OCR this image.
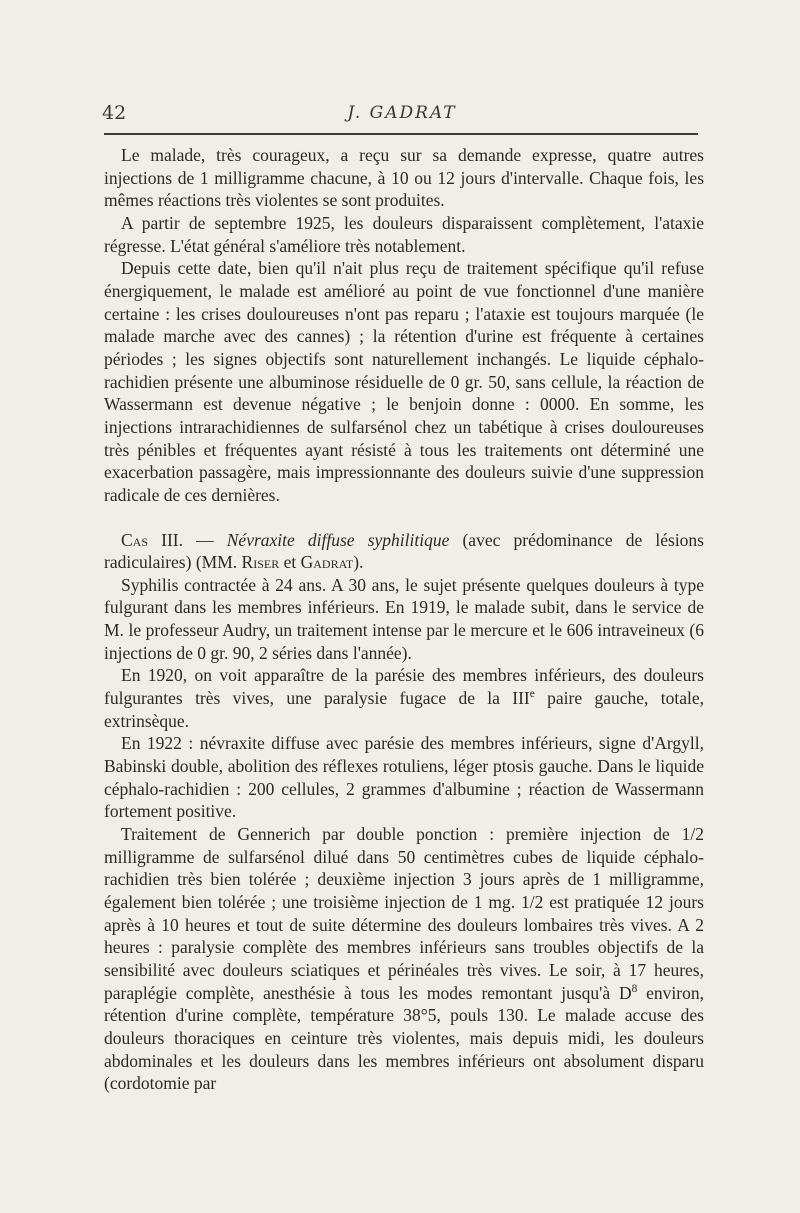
42	J. GADRAT

Le malade, très courageux, a reçu sur sa demande expresse, quatre autres injections de 1 milligramme chacune, à 10 ou 12 jours d'intervalle. Chaque fois, les mêmes réactions très violentes se sont produites.

A partir de septembre 1925, les douleurs disparaissent complètement, l'ataxie régresse. L'état général s'améliore très notablement.

Depuis cette date, bien qu'il n'ait plus reçu de traitement spécifique qu'il refuse énergiquement, le malade est amélioré au point de vue fonctionnel d'une manière certaine : les crises douloureuses n'ont pas reparu ; l'ataxie est toujours marquée (le malade marche avec des cannes) ; la rétention d'urine est fréquente à certaines périodes ; les signes objectifs sont naturellement inchangés. Le liquide céphalo-rachidien présente une albuminose résiduelle de 0 gr. 50, sans cellule, la réaction de Wassermann est devenue négative ; le benjoin donne : 0000. En somme, les injections intrarachidiennes de sulfarsénol chez un tabétique à crises douloureuses très pénibles et fréquentes ayant résisté à tous les traitements ont déterminé une exacerbation passagère, mais impressionnante des douleurs suivie d'une suppression radicale de ces dernières.

Cas III. — Névraxite diffuse syphilitique (avec prédominance de lésions radiculaires) (MM. Riser et Gadrat).

Syphilis contractée à 24 ans. A 30 ans, le sujet présente quelques douleurs à type fulgurant dans les membres inférieurs. En 1919, le malade subit, dans le service de M. le professeur Audry, un traitement intense par le mercure et le 606 intraveineux (6 injections de 0 gr. 90, 2 séries dans l'année).

En 1920, on voit apparaître de la parésie des membres inférieurs, des douleurs fulgurantes très vives, une paralysie fugace de la IIIe paire gauche, totale, extrinsèque.

En 1922 : névraxite diffuse avec parésie des membres inférieurs, signe d'Argyll, Babinski double, abolition des réflexes rotuliens, léger ptosis gauche. Dans le liquide céphalo-rachidien : 200 cellules, 2 grammes d'albumine ; réaction de Wassermann fortement positive.

Traitement de Gennerich par double ponction : première injection de 1/2 milligramme de sulfarsénol dilué dans 50 centimètres cubes de liquide céphalo-rachidien très bien tolérée ; deuxième injection 3 jours après de 1 milligramme, également bien tolérée ; une troisième injection de 1 mg. 1/2 est pratiquée 12 jours après à 10 heures et tout de suite détermine des douleurs lombaires très vives. A 2 heures : paralysie complète des membres inférieurs sans troubles objectifs de la sensibilité avec douleurs sciatiques et périnéales très vives. Le soir, à 17 heures, paraplégie complète, anesthésie à tous les modes remontant jusqu'à $D^8$ environ, rétention d'urine complète, température 38°5, pouls 130. Le malade accuse des douleurs thoraciques en ceinture très violentes, mais depuis midi, les douleurs abdominales et les douleurs dans les membres inférieurs ont absolument disparu (cordotomie par
